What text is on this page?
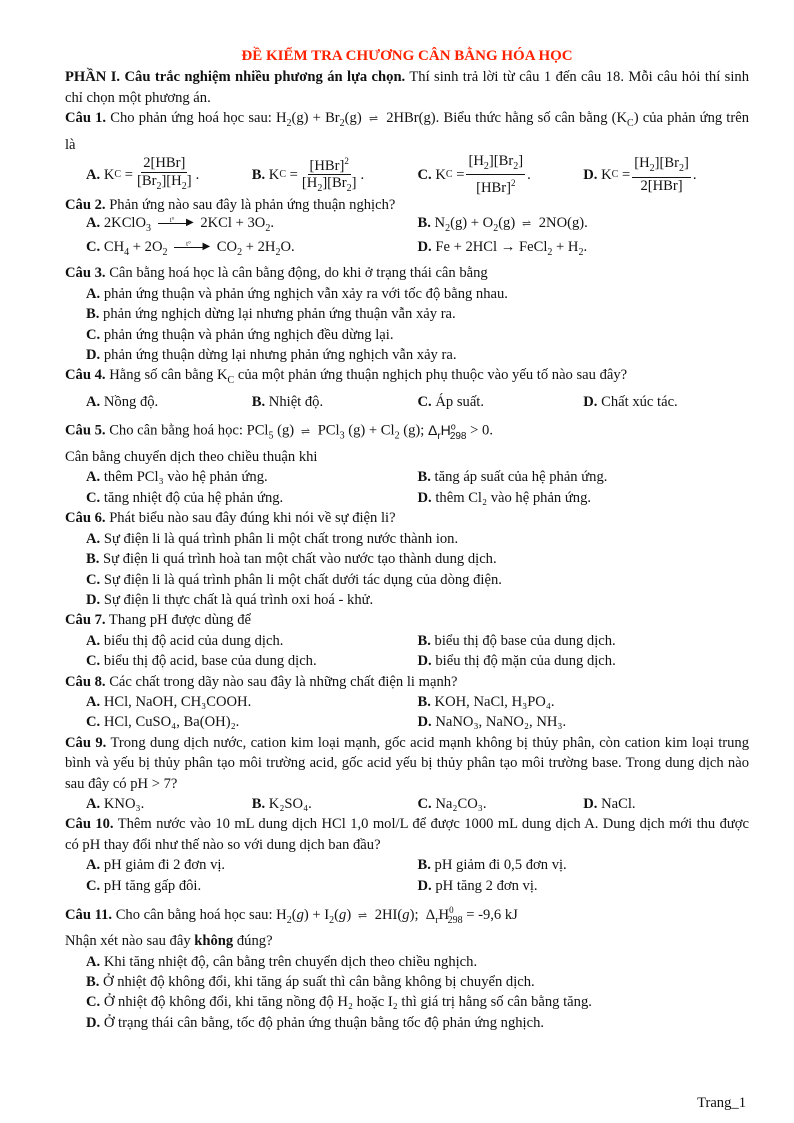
ĐỀ KIỂM TRA CHƯƠNG CÂN BẰNG HÓA HỌC
PHẦN I. Câu trắc nghiệm nhiều phương án lựa chọn. Thí sinh trả lời từ câu 1 đến câu 18. Mỗi câu hỏi thí sinh chỉ chọn một phương án.
Câu 1. Cho phản ứng hoá học sau: $H_2(g) + Br_2(g)$ ⇌ 2HBr(g). Biểu thức hằng số cân bằng $(K_C)$ của phản ứng trên là
A. K $C = \frac{\text{2[HBr]}}{[Br_2][H_2]}$ .	B. K $C = \frac{[HBr]^2}{[H_2][Br_2]}$ .	C. K $C = \frac{[H_2][Br_2]}{[HBr]^2}$ .	D. K $C = \frac{[H_2][Br_2]}{\text{2[HBr]}}$ .
Câu 2. Phản ứng nào sau đây là phản ứng thuận nghịch?
A. 2KClO$_3$
t° ▶ $2KCl + 3O_2$.	B. $N_2(g) + O_2(g)$ ⇌ 2NO(g).
C. $CH_4 + 2O_2$
t° ▶ $CO_2 + 2H_2O$.	D. Fe + 2HCl → FeCl$_2$ + $H_2$.
Câu 3. Cân bằng hoá học là cân bằng động, do khi ở trạng thái cân bằng
A. phản ứng thuận và phản ứng nghịch vẫn xảy ra với tốc độ bằng nhau.
B. phản ứng nghịch dừng lại nhưng phản ứng thuận vẫn xảy ra.
C. phản ứng thuận và phản ứng nghịch đều dừng lại.
D. phản ứng thuận dừng lại nhưng phản ứng nghịch vẫn xảy ra.
Câu 4. Hằng số cân bằng $K_C$ của một phản ứng thuận nghịch phụ thuộc vào yếu tố nào sau đây?
A. Nồng độ.	B. Nhiệt độ.	C. Áp suất.	D. Chất xúc tác.
Câu 5. Cho cân bằng hoá học: PCl$_5$ (g) ⇌ PCl$_3$ $(g) + Cl_2$ (g); $\Delta_rH^o_{298} > 0$.
Cân bằng chuyển dịch theo chiều thuận khi
A. thêm PCl₃ vào hệ phản ứng.	B. tăng áp suất của hệ phản ứng.
C. tăng nhiệt độ của hệ phản ứng.	D. thêm Cl₂ vào hệ phản ứng.
Câu 6. Phát biểu nào sau đây đúng khi nói về sự điện li?
A. Sự điện li là quá trình phân li một chất trong nước thành ion.
B. Sự điện li quá trình hoà tan một chất vào nước tạo thành dung dịch.
C. Sự điện li là quá trình phân li một chất dưới tác dụng của dòng điện.
D. Sự điện li thực chất là quá trình oxi hoá - khử.
Câu 7. Thang pH được dùng để
A. biểu thị độ acid của dung dịch.	B. biểu thị độ base của dung dịch.
C. biểu thị độ acid, base của dung dịch.	D. biểu thị độ mặn của dung dịch.
Câu 8. Các chất trong dãy nào sau đây là những chất điện li mạnh?
A. HCl, NaOH, CH₃COOH.	B. KOH, NaCl, H₃PO₄.
C. HCl, CuSO₄, Ba(OH)₂.	D. NaNO₃, NaNO₂, NH₃.
Câu 9. Trong dung dịch nước, cation kim loại mạnh, gốc acid mạnh không bị thủy phân, còn cation kim loại trung bình và yếu bị thủy phân tạo môi trường acid, gốc acid yếu bị thủy phân tạo môi trường base. Trong dung dịch nào sau đây có pH > 7?
A. KNO₃.	B. K₂SO₄.	C. Na₂CO₃.	D. NaCl.
Câu 10. Thêm nước vào 10 mL dung dịch HCl 1,0 mol/L để được 1000 mL dung dịch A. Dung dịch mới thu được có pH thay đổi như thế nào so với dung dịch ban đầu?
A. pH giảm đi 2 đơn vị.	B. pH giảm đi 0,5 đơn vị.
C. pH tăng gấp đôi.	D. pH tăng 2 đơn vị.
Câu 11. Cho cân bằng hoá học sau: $H_2(g) + I_2(g)$ ⇌ 2HI(g);  $\Delta_rH^0_{298} = -9,6$ kJ
Nhận xét nào sau đây không đúng?
A. Khi tăng nhiệt độ, cân bằng trên chuyển dịch theo chiều nghịch.
B. Ở nhiệt độ không đổi, khi tăng áp suất thì cân bằng không bị chuyển dịch.
C. Ở nhiệt độ không đổi, khi tăng nồng độ H₂ hoặc I₂ thì giá trị hằng số cân bằng tăng.
D. Ở trạng thái cân bằng, tốc độ phản ứng thuận bằng tốc độ phản ứng nghịch.
Trang_1
